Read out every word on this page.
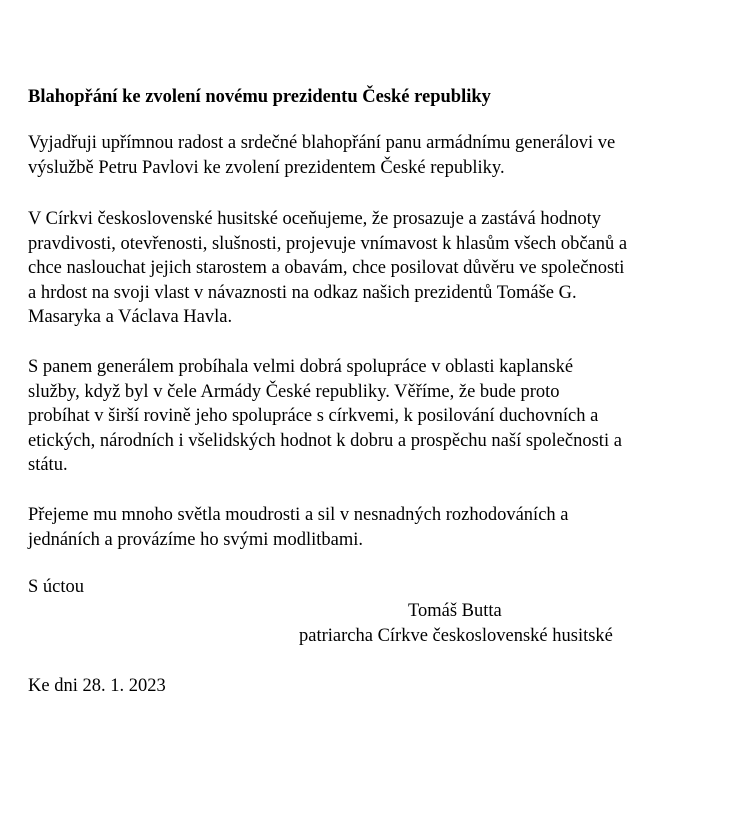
Blahopřání ke zvolení novému prezidentu České republiky
Vyjadřuji upřímnou radost a srdečné blahopřání panu armádnímu generálovi ve
výslužbě Petru Pavlovi ke zvolení prezidentem České republiky.
V Církvi československé husitské oceňujeme, že prosazuje a zastává hodnoty
pravdivosti, otevřenosti, slušnosti, projevuje vnímavost k hlasům všech občanů a
chce naslouchat jejich starostem a obavám, chce posilovat důvěru ve společnosti
a hrdost na svoji vlast v návaznosti na odkaz našich prezidentů Tomáše G.
Masaryka a Václava Havla.
S panem generálem probíhala velmi dobrá spolupráce v oblasti kaplanské
služby, když byl v čele Armády České republiky. Věříme, že bude proto
probíhat v širší rovině jeho spolupráce s církvemi, k posilování duchovních a
etických, národních i všelidských hodnot k dobru a prospěchu naší společnosti a
státu.
Přejeme mu mnoho světla moudrosti a sil v nesnadných rozhodováních a
jednáních a provázíme ho svými modlitbami.

S úctou

Tomáš Butta

patriarcha Církve československé husitské

Ke dni 28. 1. 2023
